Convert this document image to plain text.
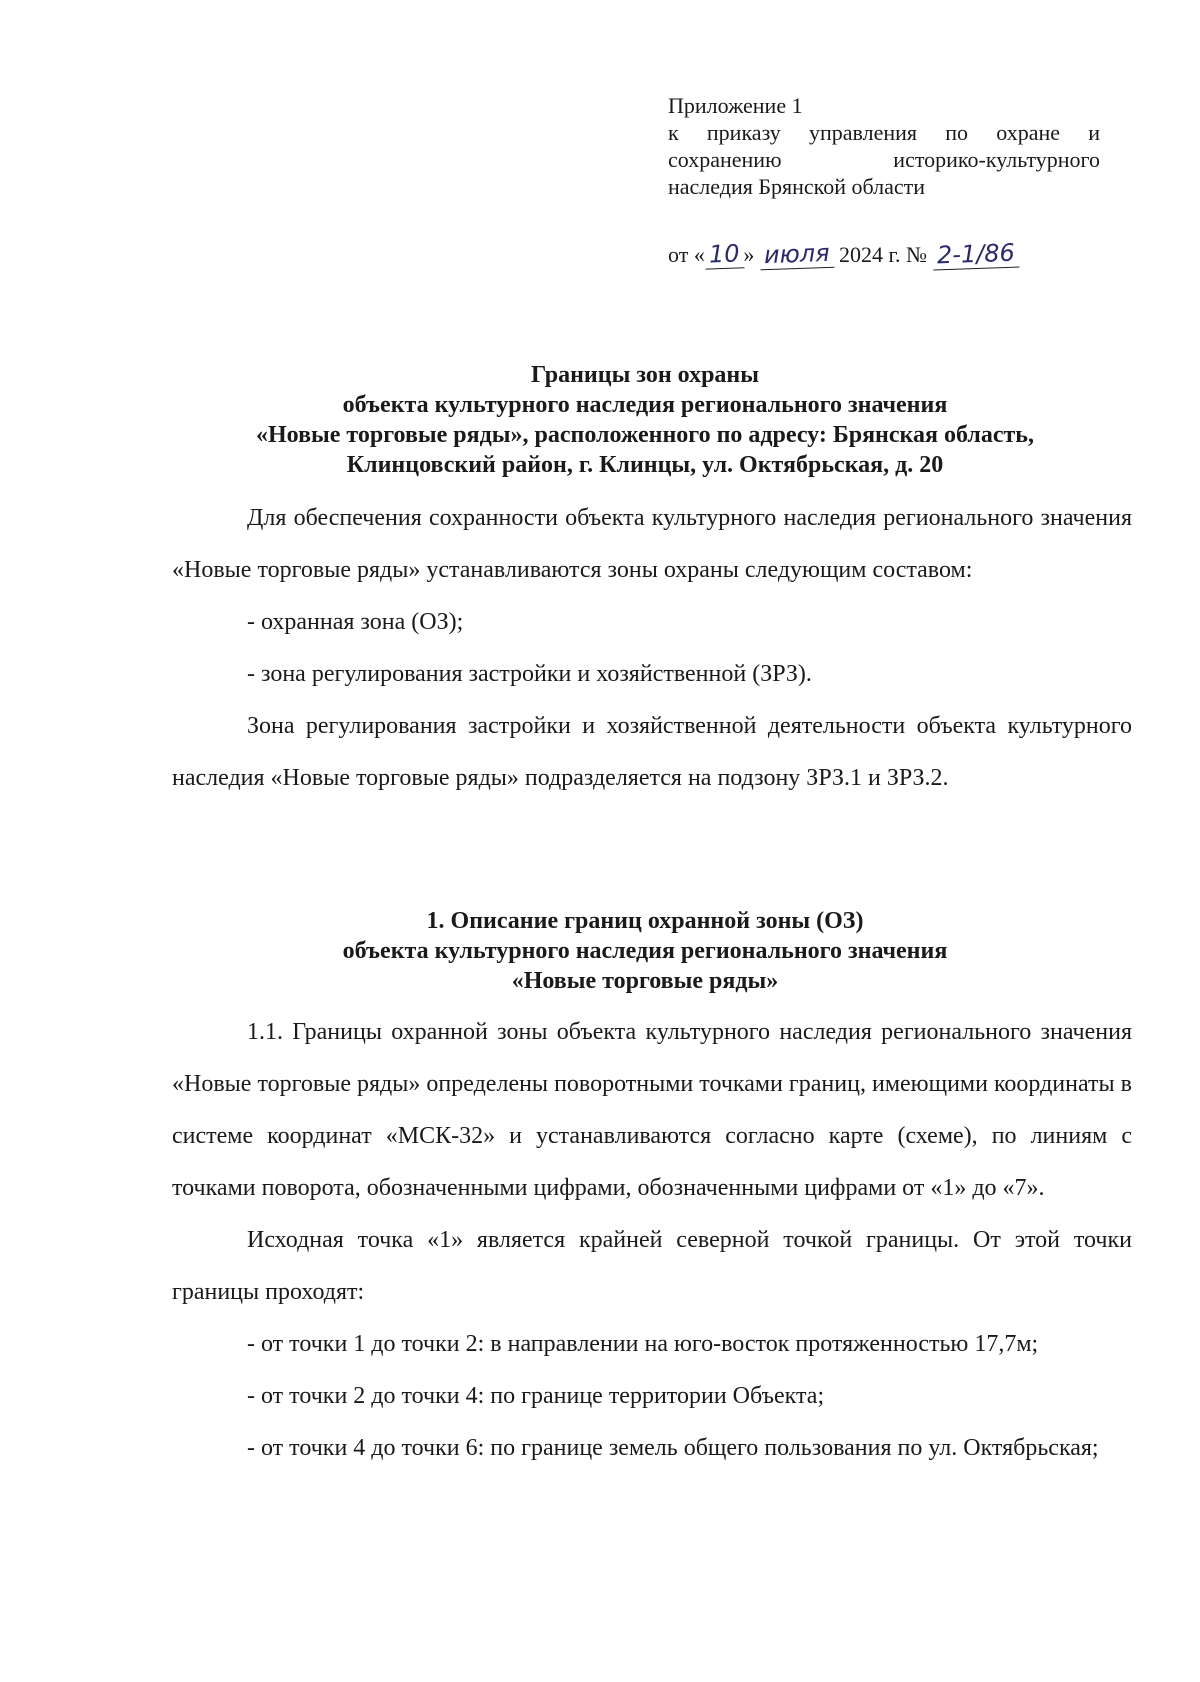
Приложение 1
к приказу управления по охране и
сохранению историко-культурного
наследия Брянской области
от « 10 » июля 2024 г. № 2-1/86
Границы зон охраны
объекта культурного наследия регионального значения
«Новые торговые ряды», расположенного по адресу: Брянская область,
Клинцовский район, г. Клинцы, ул. Октябрьская, д. 20

Для обеспечения сохранности объекта культурного наследия регионального значения «Новые торговые ряды» устанавливаются зоны охраны следующим составом:

- охранная зона (ОЗ);

- зона регулирования застройки и хозяйственной (ЗРЗ).

Зона регулирования застройки и хозяйственной деятельности объекта культурного наследия «Новые торговые ряды» подразделяется на подзону ЗРЗ.1 и ЗРЗ.2.

1. Описание границ охранной зоны (ОЗ)
объекта культурного наследия регионального значения
«Новые торговые ряды»

1.1. Границы охранной зоны объекта культурного наследия регионального значения «Новые торговые ряды» определены поворотными точками границ, имеющими координаты в системе координат «МСК-32» и устанавливаются согласно карте (схеме), по линиям с точками поворота, обозначенными цифрами, обозначенными цифрами от «1» до «7».

Исходная точка «1» является крайней северной точкой границы. От этой точки границы проходят:

- от точки 1 до точки 2: в направлении на юго-восток протяженностью 17,7м;

- от точки 2 до точки 4: по границе территории Объекта;

- от точки 4 до точки 6: по границе земель общего пользования по ул. Октябрьская;
